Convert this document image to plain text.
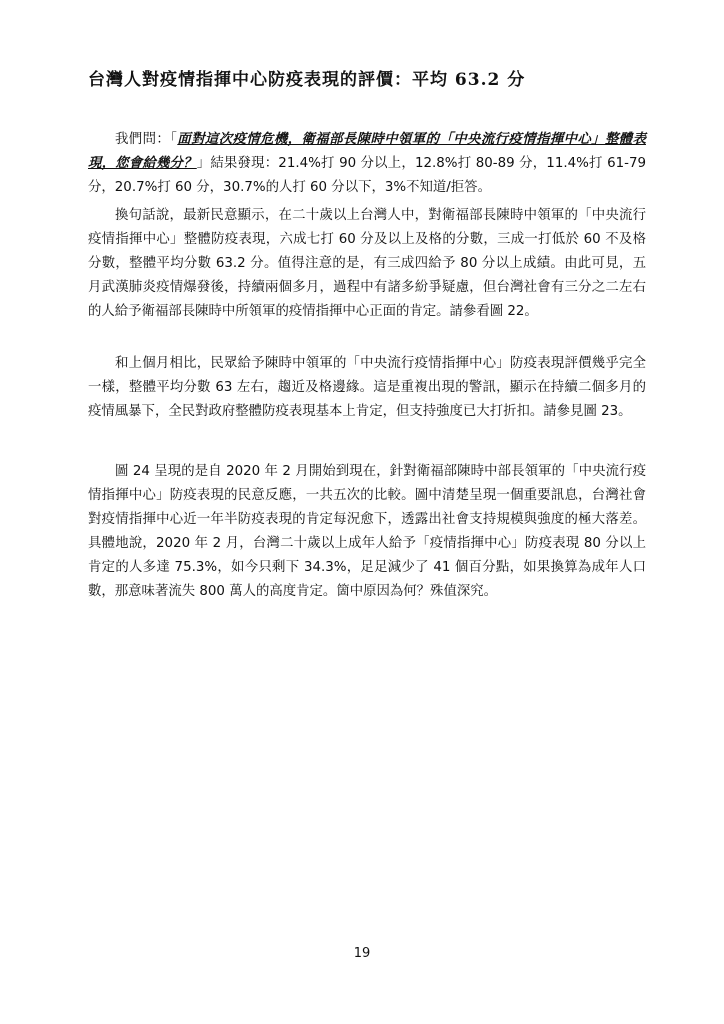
台灣人對疫情指揮中心防疫表現的評價：平均 63.2 分
我們問：「面對這次疫情危機，衛福部長陳時中領軍的「中央流行疫情指揮中心」整體表現，您會給幾分？」結果發現：21.4%打 90 分以上，12.8%打 80-89 分，11.4%打 61-79 分，20.7%打 60 分，30.7%的人打 60 分以下，3%不知道/拒答。
換句話說，最新民意顯示，在二十歲以上台灣人中，對衛福部長陳時中領軍的「中央流行疫情指揮中心」整體防疫表現，六成七打 60 分及以上及格的分數，三成一打低於 60 不及格分數，整體平均分數 63.2 分。值得注意的是，有三成四給予 80 分以上成績。由此可見，五月武漢肺炎疫情爆發後，持續兩個多月，過程中有諸多紛爭疑慮，但台灣社會有三分之二左右的人給予衛福部長陳時中所領軍的疫情指揮中心正面的肯定。請參看圖 22。
和上個月相比，民眾給予陳時中領軍的「中央流行疫情指揮中心」防疫表現評價幾乎完全一樣，整體平均分數 63 左右，趨近及格邊緣。這是重複出現的警訊，顯示在持續二個多月的疫情風暴下，全民對政府整體防疫表現基本上肯定，但支持強度已大打折扣。請參見圖 23。
圖 24 呈現的是自 2020 年 2 月開始到現在，針對衛福部陳時中部長領軍的「中央流行疫情指揮中心」防疫表現的民意反應，一共五次的比較。圖中清楚呈現一個重要訊息，台灣社會對疫情指揮中心近一年半防疫表現的肯定每況愈下，透露出社會支持規模與強度的極大落差。具體地說，2020 年 2 月，台灣二十歲以上成年人給予「疫情指揮中心」防疫表現 80 分以上肯定的人多達 75.3%，如今只剩下 34.3%，足足減少了 41 個百分點，如果換算為成年人口數，那意味著流失 800 萬人的高度肯定。箇中原因為何？殊值深究。
19
